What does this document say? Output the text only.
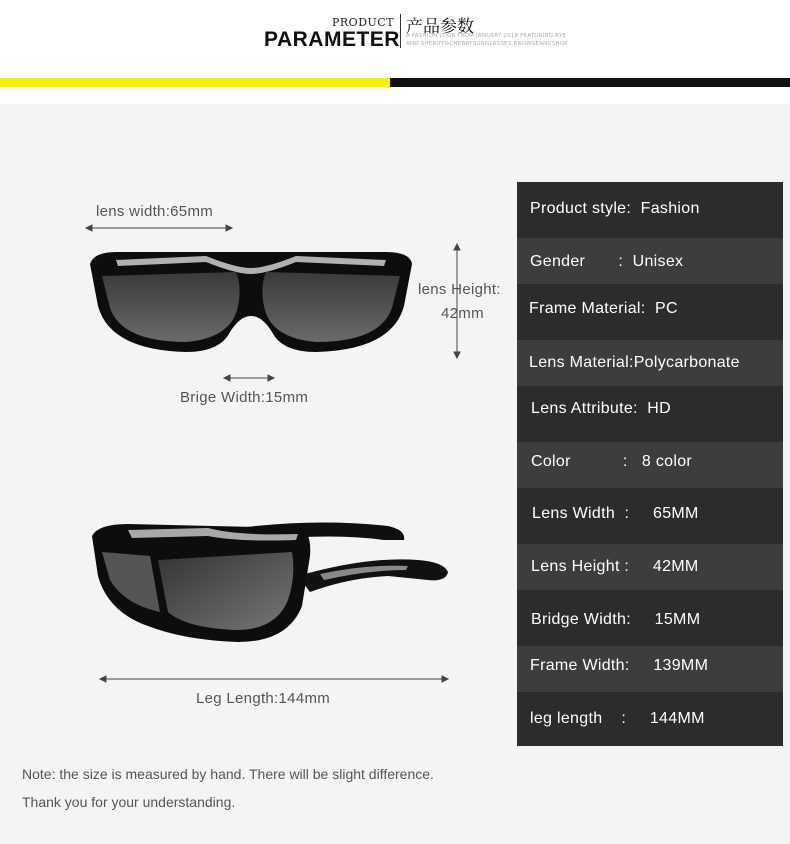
PRODUCT
PARAMETER
产品参数
A FASHION LOOK FROM JANUARY 2018 FEATURING RYE
AND SHERIFF&CHERRYSUNGLASSES BROWSEANDSHOP
lens width:65mm
lens Height:
42mm
Brige Width:15mm
Leg Length:144mm
Product style:  Fashion
Gender       :  Unisex
Frame Material:  PC
Lens Material:Polycarbonate
Lens Attribute:  HD
Color           :   8 color
Lens Width  :     65MM
Lens Height :     42MM
Bridge Width:     15MM
Frame Width:     139MM
leg length    :     144MM
Note: the size is measured by hand. There will be slight difference.
Thank you for your understanding.
